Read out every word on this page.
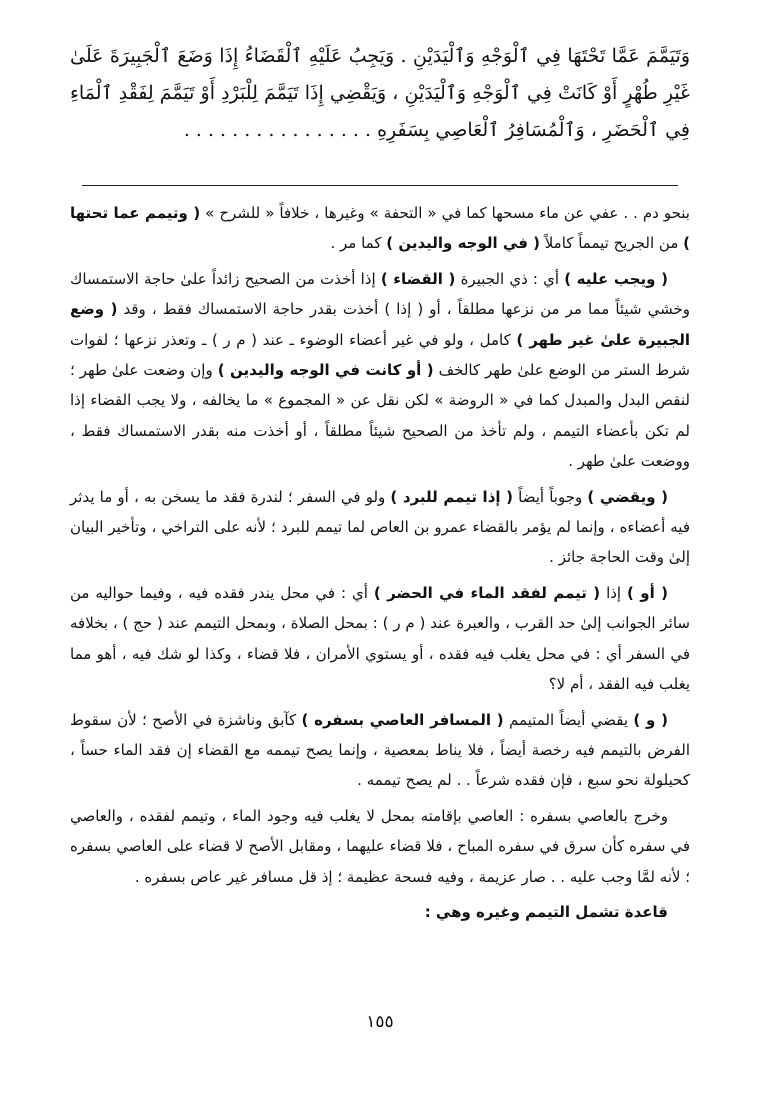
وَتَيَمَّمَ عَمَّا تَحْتَهَا فِي ٱلْوَجْهِ وَٱلْيَدَيْنِ . وَيَجِبُ عَلَيْهِ ٱلْقَضَاءُ إِذَا وَضَعَ ٱلْجَبِيرَةَ عَلَىٰ غَيْرِ طُهْرٍ أَوْ كَانَتْ فِي ٱلْوَجْهِ وَٱلْيَدَيْنِ ، وَيَقْضِي إِذَا تَيَمَّمَ لِلْبَرْدِ أَوْ تَيَمَّمَ لِفَقْدِ ٱلْمَاءِ فِي ٱلْحَضَرِ ، وَٱلْمُسَافِرُ ٱلْعَاصِي بِسَفَرِهِ . . . . . . . . . . . . . . . .

بنحو دم . . عفي عن ماء مسحها كما في « التحفة » وغيرها ، خلافاً « للشرح » ( وتيمم عما تحتها ) من الجريح تيمماً كاملاً ( في الوجه واليدين ) كما مر .

( ويجب عليه ) أي : ذي الجبيرة ( القضاء ) إذا أخذت من الصحيح زائداً علىٰ حاجة الاستمساك وخشي شيئاً مما مر من نزعها مطلقاً ، أو ( إذا ) أخذت بقدر حاجة الاستمساك فقط ، وقد ( وضع الجبيرة علىٰ غير طهر ) كامل ، ولو في غير أعضاء الوضوء ـ عند ( م ر ) ـ وتعذر نزعها ؛ لفوات شرط الستر من الوضع علىٰ طهر كالخف ( أو كانت في الوجه واليدين ) وإن وضعت علىٰ طهر ؛ لنقص البدل والمبدل كما في « الروضة » لكن نقل عن « المجموع » ما يخالفه ، ولا يجب القضاء إذا لم تكن بأعضاء التيمم ، ولم تأخذ من الصحيح شيئاً مطلقاً ، أو أخذت منه بقدر الاستمساك فقط ، ووضعت علىٰ طهر .

( ويقضي ) وجوباً أيضاً ( إذا تيمم للبرد ) ولو في السفر ؛ لندرة فقد ما يسخن به ، أو ما يدثر فيه أعضاءه ، وإنما لم يؤمر بالقضاء عمرو بن العاص لما تيمم للبرد ؛ لأنه على التراخي ، وتأخير البيان إلىٰ وقت الحاجة جائز .

( أو ) إذا ( تيمم لفقد الماء في الحضر ) أي : في محل يندر فقده فيه ، وفيما حواليه من سائر الجوانب إلىٰ حد القرب ، والعبرة عند ( م ر ) : بمحل الصلاة ، وبمحل التيمم عند ( حج ) ، بخلافه في السفر أي : في محل يغلب فيه فقده ، أو يستوي الأمران ، فلا قضاء ، وكذا لو شك فيه ، أهو مما يغلب فيه الفقد ، أم لا؟

( و ) يقضي أيضاً المتيمم ( المسافر العاصي بسفره ) كآبق وناشزة في الأصح ؛ لأن سقوط الفرض بالتيمم فيه رخصة أيضاً ، فلا يناط بمعصية ، وإنما يصح تيممه مع القضاء إن فقد الماء حساً ، كحيلولة نحو سبع ، فإن فقده شرعاً . . لم يصح تيممه .

وخرج بالعاصي بسفره : العاصي بإقامته بمحل لا يغلب فيه وجود الماء ، وتيمم لفقده ، والعاصي في سفره كأن سرق في سفره المباح ، فلا قضاء عليهما ، ومقابل الأصح لا قضاء على العاصي بسفره ؛ لأنه لمَّا وجب عليه . . صار عزيمة ، وفيه فسحة عظيمة ؛ إذ قل مسافر غير عاص بسفره .

قاعدة تشمل التيمم وغيره وهي :

١٥٥
